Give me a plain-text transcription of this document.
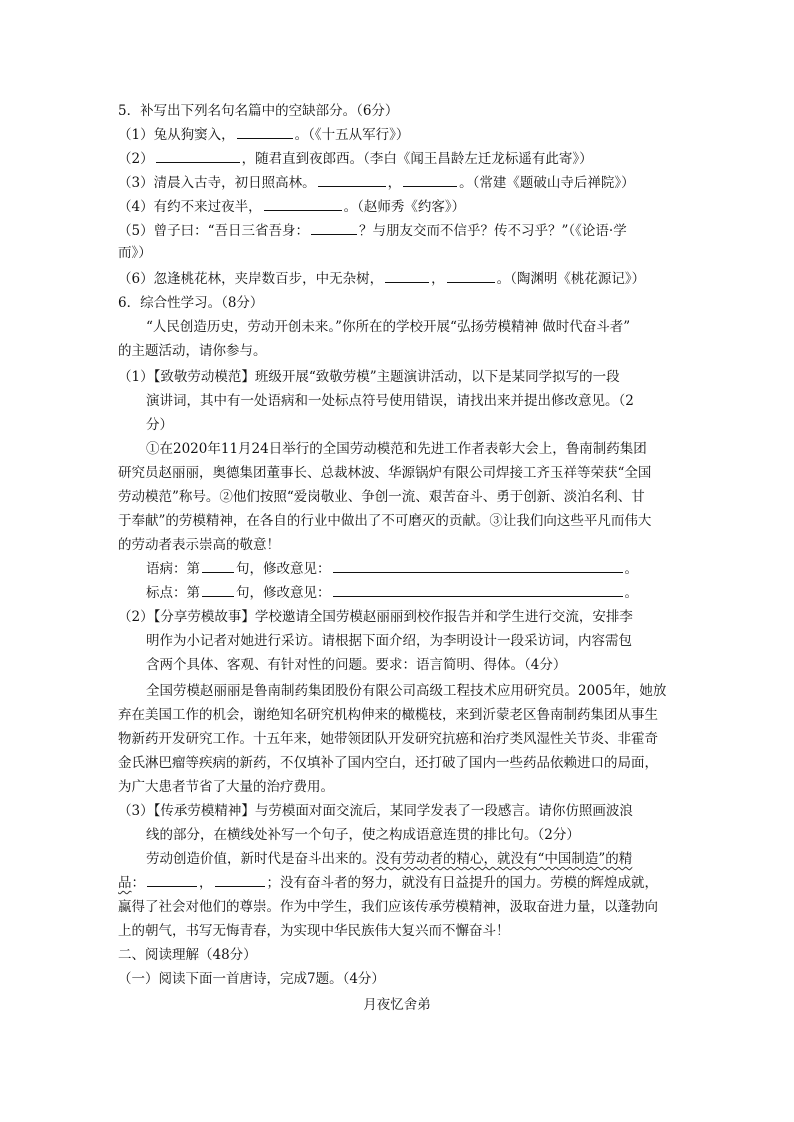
5．补写出下列名句名篇中的空缺部分。（6分）
（1）兔从狗窦入，	。（《十五从军行》）
（2）	，随君直到夜郎西。（李白《闻王昌龄左迁龙标遥有此寄》）
（3）清晨入古寺，初日照高林。	，	。（常建《题破山寺后禅院》）
（4）有约不来过夜半，	。（赵师秀《约客》）
（5）曾子曰：“吾日三省吾身：	？与朋友交而不信乎？传不习乎？”（《论语·学
而》）
（6）忽逢桃花林，夹岸数百步，中无杂树，	，	。（陶渊明《桃花源记》）
6．综合性学习。（8分）
“人民创造历史，劳动开创未来。”你所在的学校开展“弘扬劳模精神 做时代奋斗者”
的主题活动，请你参与。
（1）【致敬劳动模范】班级开展“致敬劳模”主题演讲活动，以下是某同学拟写的一段
演讲词，其中有一处语病和一处标点符号使用错误，请找出来并提出修改意见。（2
分）
①在2020年11月24日举行的全国劳动模范和先进工作者表彰大会上，鲁南制药集团
研究员赵丽丽，奥德集团董事长、总裁林波、华源锅炉有限公司焊接工齐玉祥等荣获“全国
劳动模范”称号。②他们按照“爱岗敬业、争创一流、艰苦奋斗、勇于创新、淡泊名利、甘
于奉献”的劳模精神，在各自的行业中做出了不可磨灭的贡献。③让我们向这些平凡而伟大
的劳动者表示崇高的敬意！
语病：第	句，修改意见：	。
标点：第	句，修改意见：	。
（2）【分享劳模故事】学校邀请全国劳模赵丽丽到校作报告并和学生进行交流，安排李
明作为小记者对她进行采访。请根据下面介绍，为李明设计一段采访词，内容需包
含两个具体、客观、有针对性的问题。要求：语言简明、得体。（4分）
全国劳模赵丽丽是鲁南制药集团股份有限公司高级工程技术应用研究员。2005年，她放
弃在美国工作的机会，谢绝知名研究机构伸来的橄榄枝，来到沂蒙老区鲁南制药集团从事生
物新药开发研究工作。十五年来，她带领团队开发研究抗癌和治疗类风湿性关节炎、非霍奇
金氏淋巴瘤等疾病的新药，不仅填补了国内空白，还打破了国内一些药品依赖进口的局面，
为广大患者节省了大量的治疗费用。
（3）【传承劳模精神】与劳模面对面交流后，某同学发表了一段感言。请你仿照画波浪
线的部分，在横线处补写一个句子，使之构成语意连贯的排比句。（2分）
劳动创造价值，新时代是奋斗出来的。没有劳动者的精心，就没有“中国制造”的精
品：	，	；没有奋斗者的努力，就没有日益提升的国力。劳模的辉煌成就，
赢得了社会对他们的尊崇。作为中学生，我们应该传承劳模精神，汲取奋进力量，以蓬勃向
上的朝气，书写无悔青春，为实现中华民族伟大复兴而不懈奋斗！
二、阅读理解（48分）
（一）阅读下面一首唐诗，完成7题。（4分）
月夜忆舍弟
